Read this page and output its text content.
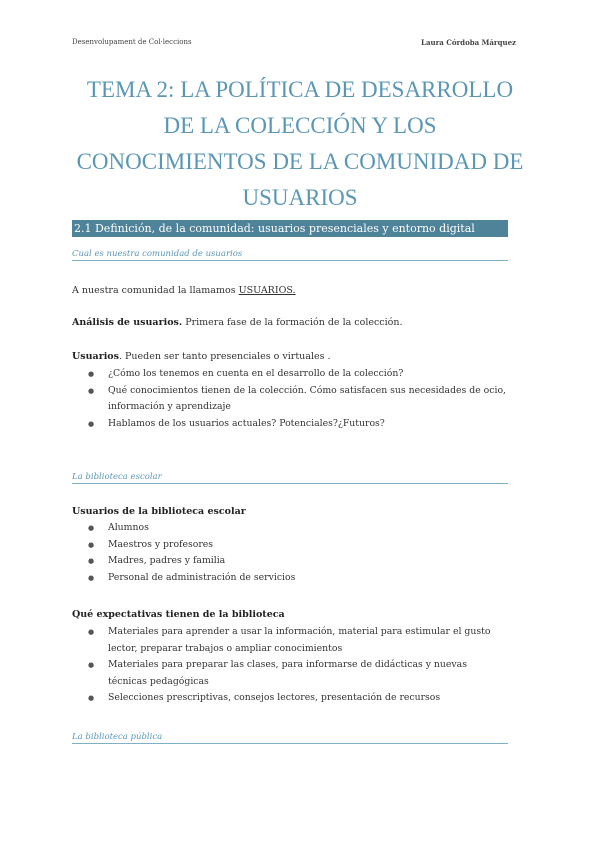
Desenvolupament de Col·leccions	Laura Córdoba Márquez
TEMA 2: LA POLÍTICA DE DESARROLLO DE LA COLECCIÓN Y LOS CONOCIMIENTOS DE LA COMUNIDAD DE USUARIOS
2.1 Definición, de la comunidad: usuarios presenciales y entorno digital
Cual es nuestra comunidad de usuarios
A nuestra comunidad la llamamos USUARIOS.
Análisis de usuarios. Primera fase de la formación de la colección.
Usuarios. Pueden ser tanto presenciales o virtuales .
● ¿Cómo los tenemos en cuenta en el desarrollo de la colección?
● Qué conocimientos tienen de la colección. Cómo satisfacen sus necesidades de ocio, información y aprendizaje
● Hablamos de los usuarios actuales? Potenciales?¿Futuros?
La biblioteca escolar
Usuarios de la biblioteca escolar
● Alumnos
● Maestros y profesores
● Madres, padres y familia
● Personal de administración de servicios
Qué expectativas tienen de la biblioteca
● Materiales para aprender a usar la información, material para estimular el gusto lector, preparar trabajos o ampliar conocimientos
● Materiales para preparar las clases, para informarse de didácticas y nuevas técnicas pedagógicas
● Selecciones prescriptivas, consejos lectores, presentación de recursos
La biblioteca pública
